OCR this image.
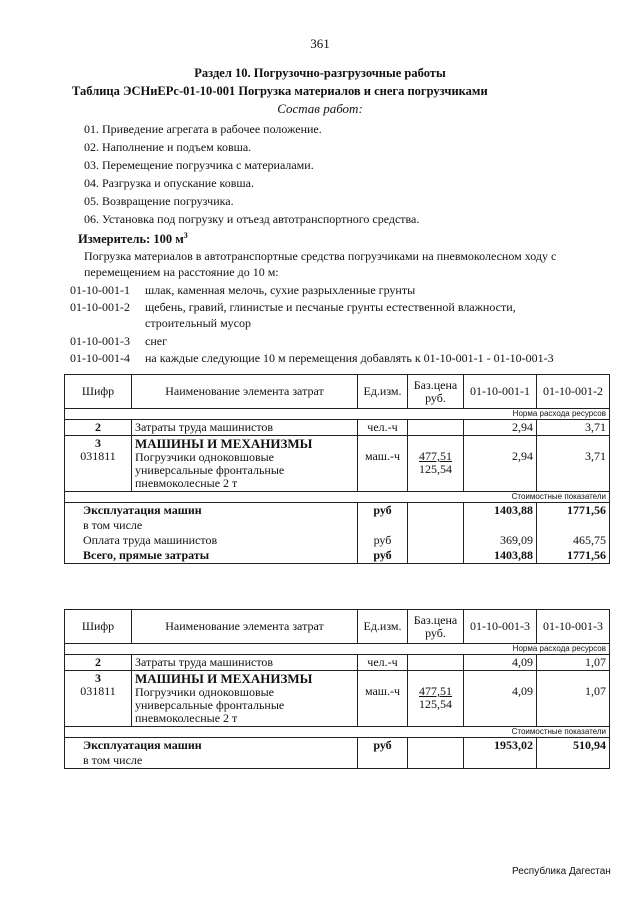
361
Раздел 10. Погрузочно-разгрузочные работы
Таблица ЭСНиЕРс-01-10-001 Погрузка материалов и снега погрузчиками
Состав работ:
01. Приведение агрегата в рабочее положение.
02. Наполнение и подъем ковша.
03. Перемещение погрузчика с материалами.
04. Разгрузка и опускание ковша.
05. Возвращение погрузчика.
06. Установка под погрузку и отъезд автотранспортного средства.
Измеритель: 100 $м^3$
Погрузка материалов в автотранспортные средства погрузчиками на пневмоколесном ходу с
перемещением на расстояние до 10 м:
01-10-001-1 шлак, каменная мелочь, сухие разрыхленные грунты
01-10-001-2 щебень, гравий, глинистые и песчаные грунты естественной влажности,
строительный мусор
01-10-001-3 снег
01-10-001-4 на каждые следующие 10 м перемещения добавлять к 01-10-001-1 - 01-10-001-3
Шифр	Наименование элемента затрат	Ед.изм.	Баз.цена
руб.	01-10-001-1	01-10-001-2
Норма расхода ресурсов					
2	Затраты труда машинистов	чел.-ч		2,94	3,71
3
031811	МАШИНЫ И МЕХАНИЗМЫ
Погрузчики одноковшовые
универсальные фронтальные
пневмоколесные 2 т	маш.-ч	477,51
125,54	2,94	3,71
Стоимостные показатели					
Эксплуатация машин		руб		1403,88	1771,56
в том числе					
Оплата труда машинистов		руб		369,09	465,75
Всего, прямые затраты		руб		1403,88	1771,56
Шифр	Наименование элемента затрат	Ед.изм.	Баз.цена
руб.	01-10-001-3	01-10-001-3
Норма расхода ресурсов					
2	Затраты труда машинистов	чел.-ч		4,09	1,07
3
031811	МАШИНЫ И МЕХАНИЗМЫ
Погрузчики одноковшовые
универсальные фронтальные
пневмоколесные 2 т	маш.-ч	477,51
125,54	4,09	1,07
Стоимостные показатели					
Эксплуатация машин		руб		1953,02	510,94
в том числе					
Республика Дагестан
